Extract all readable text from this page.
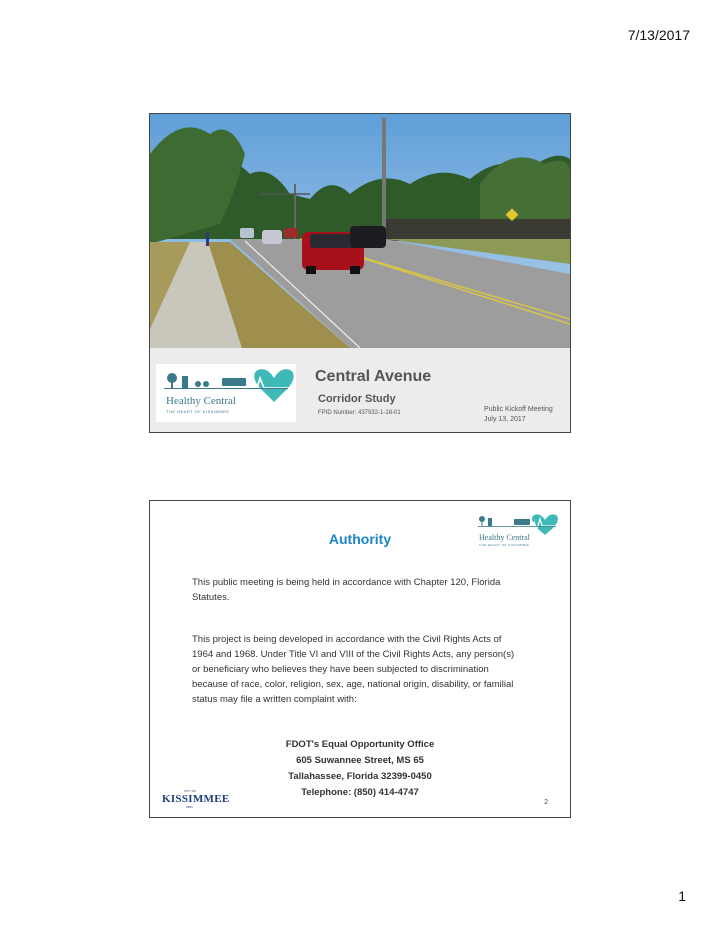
7/13/2017
Healthy Central
THE HEART OF KISSIMMEE
Central Avenue
Corridor Study
FPID Number: 437932-1-18-01	Public Kickoff Meeting
July 13, 2017
Healthy Central
THE HEART OF KISSIMMEE
Authority

This public meeting is being held in accordance with Chapter 120, Florida Statutes.

This project is being developed in accordance with the Civil Rights Acts of 1964 and 1968. Under Title VI and VIII of the Civil Rights Acts, any person(s) or beneficiary who believes they have been subjected to discrimination because of race, color, religion, sex, age, national origin, disability, or familial status may file a written complaint with:

FDOT's Equal Opportunity Office
605 Suwannee Street, MS 65
Tallahassee, Florida 32399-0450
Telephone: (850) 414-4747
CITY OF
KISSIMMEE
1883
2
1
